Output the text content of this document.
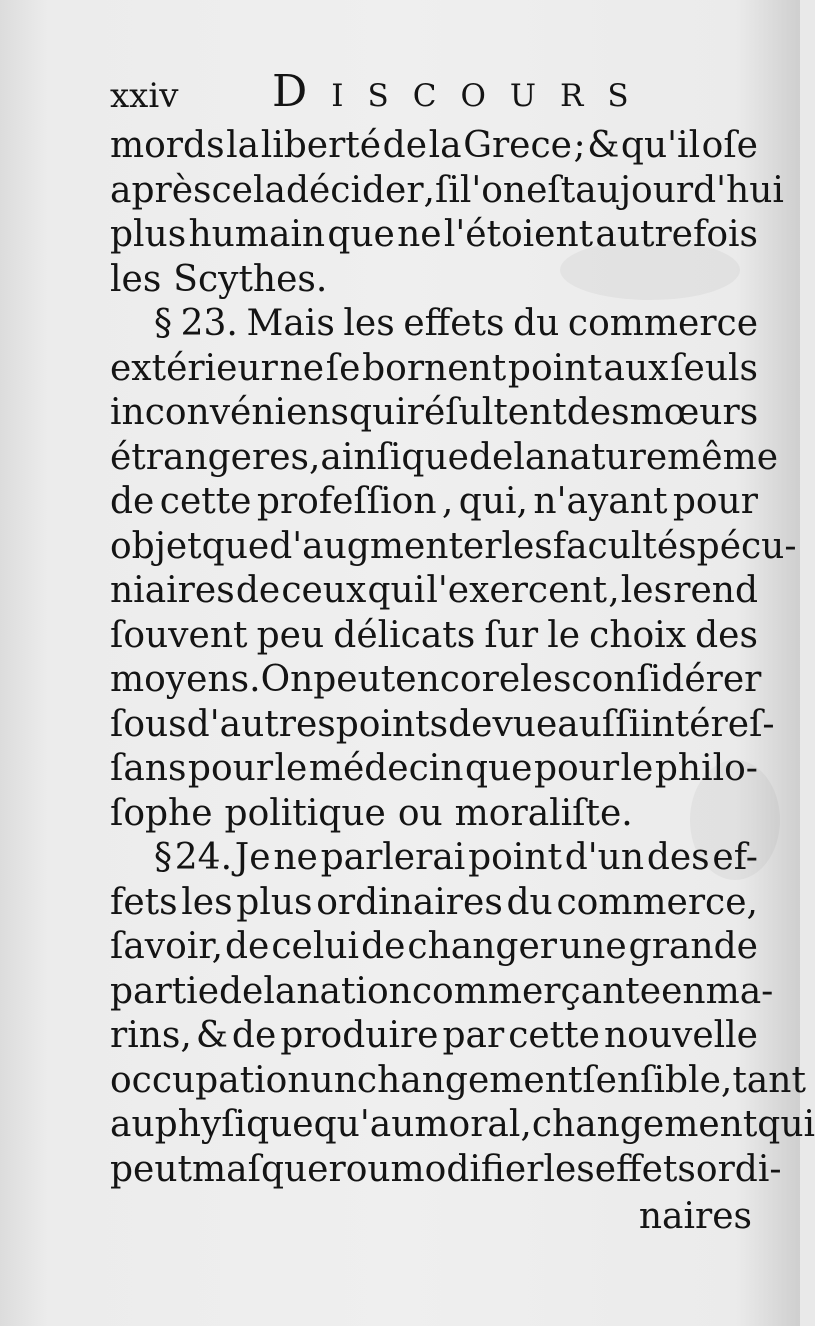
xxiv Discours
mords la liberté de la Grece ; & qu'il oſe
après cela décider , ſi l'on eſt aujourd'hui
plus humain que ne l'étoient autrefois
les Scythes.
§ 23. Mais les effets du commerce
extérieur ne ſe bornent point aux ſeuls
inconvéniens qui réſultent des mœurs
étrangeres, ainſi que de la nature même
de cette profeſſion , qui, n'ayant pour
objet que d'augmenter les facultés pécu-
niaires de ceux qui l'exercent , les rend
ſouvent peu délicats ſur le choix des
moyens. On peut encore les conſidérer
ſous d'autres points de vue auſſi intéreſ-
ſans pour le médecin que pour le philo-
ſophe politique ou moraliſte.
§ 24. Je ne parlerai point d'un des ef-
fets les plus ordinaires du commerce,
ſavoir, de celui de changer une grande
partie de la nation commerçante en ma-
rins, & de produire par cette nouvelle
occupation un changement ſenſible, tant
au phyſique qu'au moral, changement qui
peut maſquer ou modifier les effets ordi-
naires
